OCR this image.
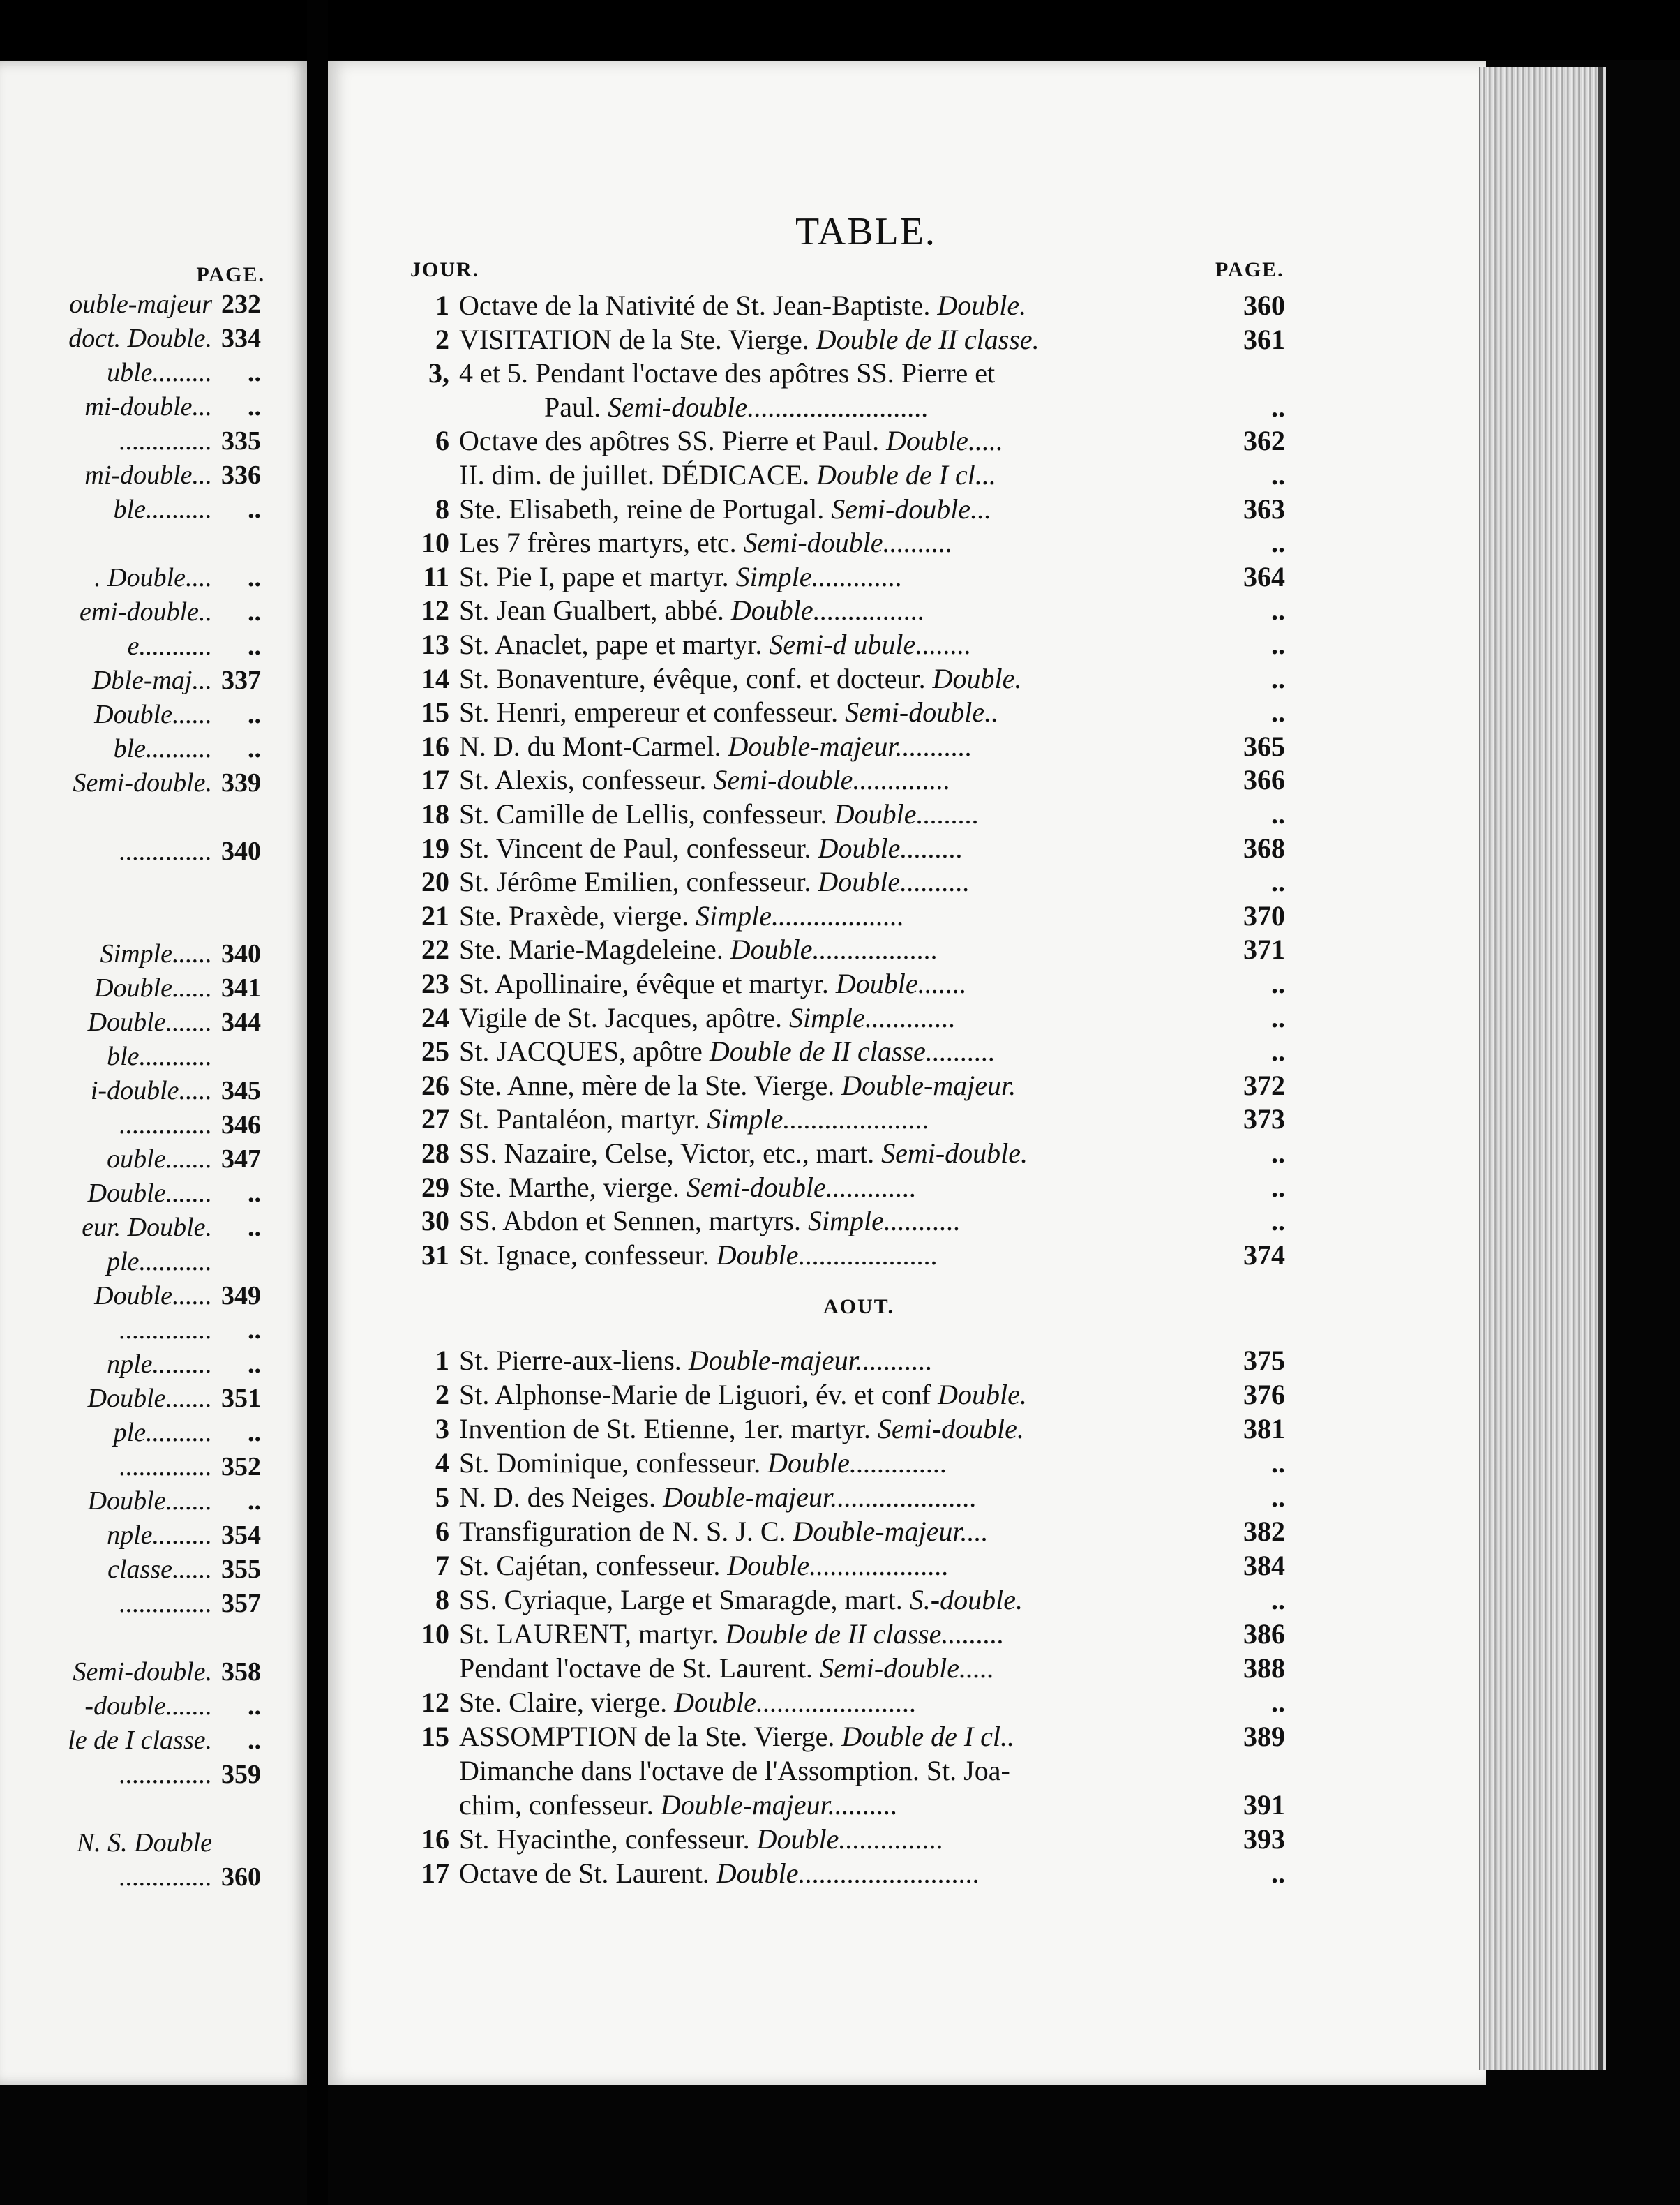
PAGE.
ouble-majeur 232
doct. Double. 334
uble.........	..
mi-double...	..
.............. 335
mi-double... 336
ble..........	..
. Double....	..
emi-double..	..
e...........	..
Dble-maj... 337
Double......	..
ble..........	..
Semi-double. 339
.............. 340
Simple...... 340
Double...... 341
Double....... 344
ble...........
i-double..... 345
.............. 346
ouble....... 347
Double.......	..
eur. Double.	..
ple...........
Double...... 349
..............	..
nple.........	..
Double....... 351
ple..........	..
.............. 352
Double.......	..
nple......... 354
classe...... 355
.............. 357
Semi-double. 358
-double.......	..
le de I classe.	..
.............. 359
N. S. Double
.............. 360
TABLE.
JOUR.	PAGE.
1 Octave de la Nativité de St. Jean-Baptiste. Double.	360
2 VISITATION de la Ste. Vierge. Double de II classe.	361
3, 4 et 5. Pendant l'octave des apôtres SS. Pierre et
Paul. Semi-double..........................	..
6 Octave des apôtres SS. Pierre et Paul. Double.....	362
II. dim. de juillet. DÉDICACE. Double de I cl...	..
8 Ste. Elisabeth, reine de Portugal. Semi-double...	363
10 Les 7 frères martyrs, etc. Semi-double..........	..
11 St. Pie I, pape et martyr. Simple.............	364
12 St. Jean Gualbert, abbé. Double................	..
13 St. Anaclet, pape et martyr. Semi-d ubule........	..
14 St. Bonaventure, évêque, conf. et docteur. Double.	..
15 St. Henri, empereur et confesseur. Semi-double..	..
16 N. D. du Mont-Carmel. Double-majeur...........	365
17 St. Alexis, confesseur. Semi-double..............	366
18 St. Camille de Lellis, confesseur. Double.........	..
19 St. Vincent de Paul, confesseur. Double.........	368
20 St. Jérôme Emilien, confesseur. Double..........	..
21 Ste. Praxède, vierge. Simple...................	370
22 Ste. Marie-Magdeleine. Double..................	371
23 St. Apollinaire, évêque et martyr. Double.......	..
24 Vigile de St. Jacques, apôtre. Simple.............	..
25 St. JACQUES, apôtre Double de II classe..........	..
26 Ste. Anne, mère de la Ste. Vierge. Double-majeur.	372
27 St. Pantaléon, martyr. Simple.....................	373
28 SS. Nazaire, Celse, Victor, etc., mart. Semi-double.	..
29 Ste. Marthe, vierge. Semi-double.............	..
30 SS. Abdon et Sennen, martyrs. Simple...........	..
31 St. Ignace, confesseur. Double....................	374
AOUT.
1 St. Pierre-aux-liens. Double-majeur...........	375
2 St. Alphonse-Marie de Liguori, év. et conf Double.	376
3 Invention de St. Etienne, 1er. martyr. Semi-double.	381
4 St. Dominique, confesseur. Double..............	..
5 N. D. des Neiges. Double-majeur.....................	..
6 Transfiguration de N. S. J. C. Double-majeur....	382
7 St. Cajétan, confesseur. Double....................	384
8 SS. Cyriaque, Large et Smaragde, mart. S.-double.	..
10 St. LAURENT, martyr. Double de II classe.........	386
Pendant l'octave de St. Laurent. Semi-double.....	388
12 Ste. Claire, vierge. Double.......................	..
15 ASSOMPTION de la Ste. Vierge. Double de I cl..	389
Dimanche dans l'octave de l'Assomption. St. Joa-
chim, confesseur. Double-majeur..........	391
16 St. Hyacinthe, confesseur. Double...............	393
17 Octave de St. Laurent. Double..........................	..
